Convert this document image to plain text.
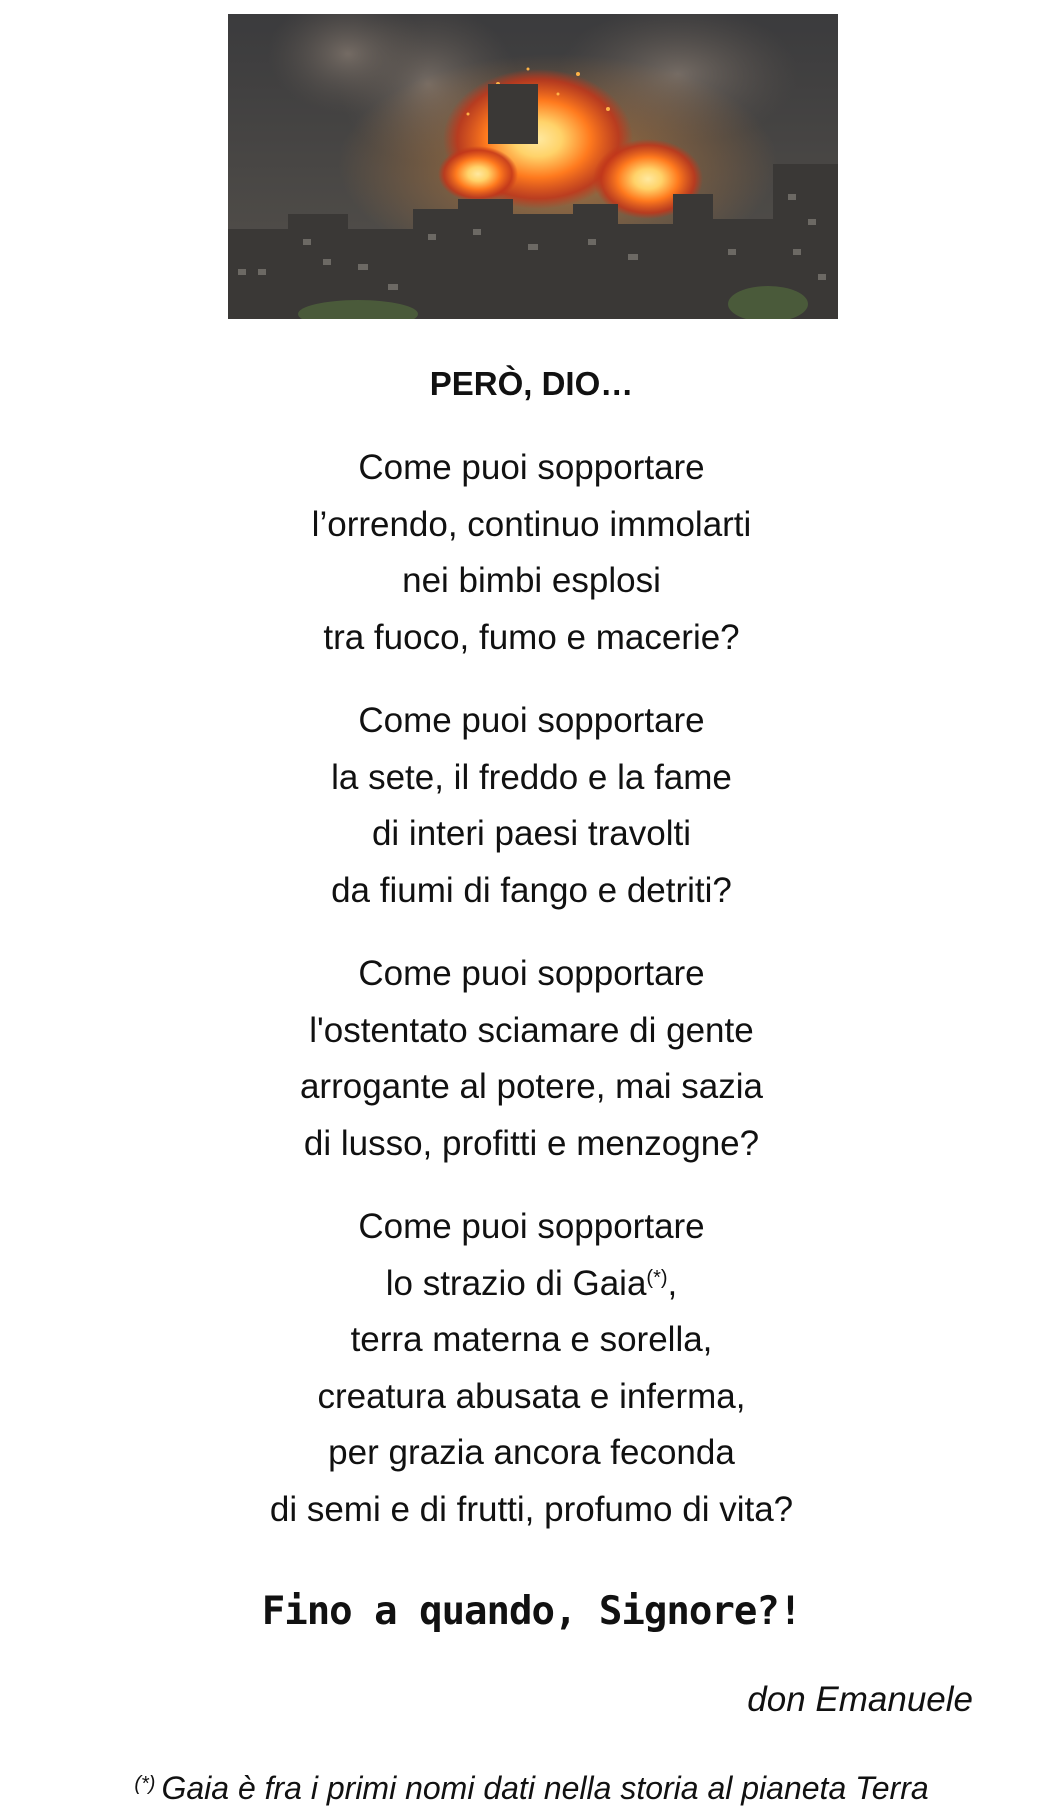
PERÒ, DIO…
Come puoi sopportare
l’orrendo, continuo immolarti
nei bimbi esplosi
tra fuoco, fumo e macerie?
Come puoi sopportare
la sete, il freddo e la fame
di interi paesi travolti
da fiumi di fango e detriti?
Come puoi sopportare
l'ostentato sciamare di gente
arrogante al potere, mai sazia
di lusso, profitti e menzogne?
Come puoi sopportare
lo strazio di Gaia(*),
terra materna e sorella,
creatura abusata e inferma,
per grazia ancora feconda
di semi e di frutti, profumo di vita?
Fino a quando, Signore?!
don Emanuele
(*) Gaia è fra i primi nomi dati nella storia al pianeta Terra
